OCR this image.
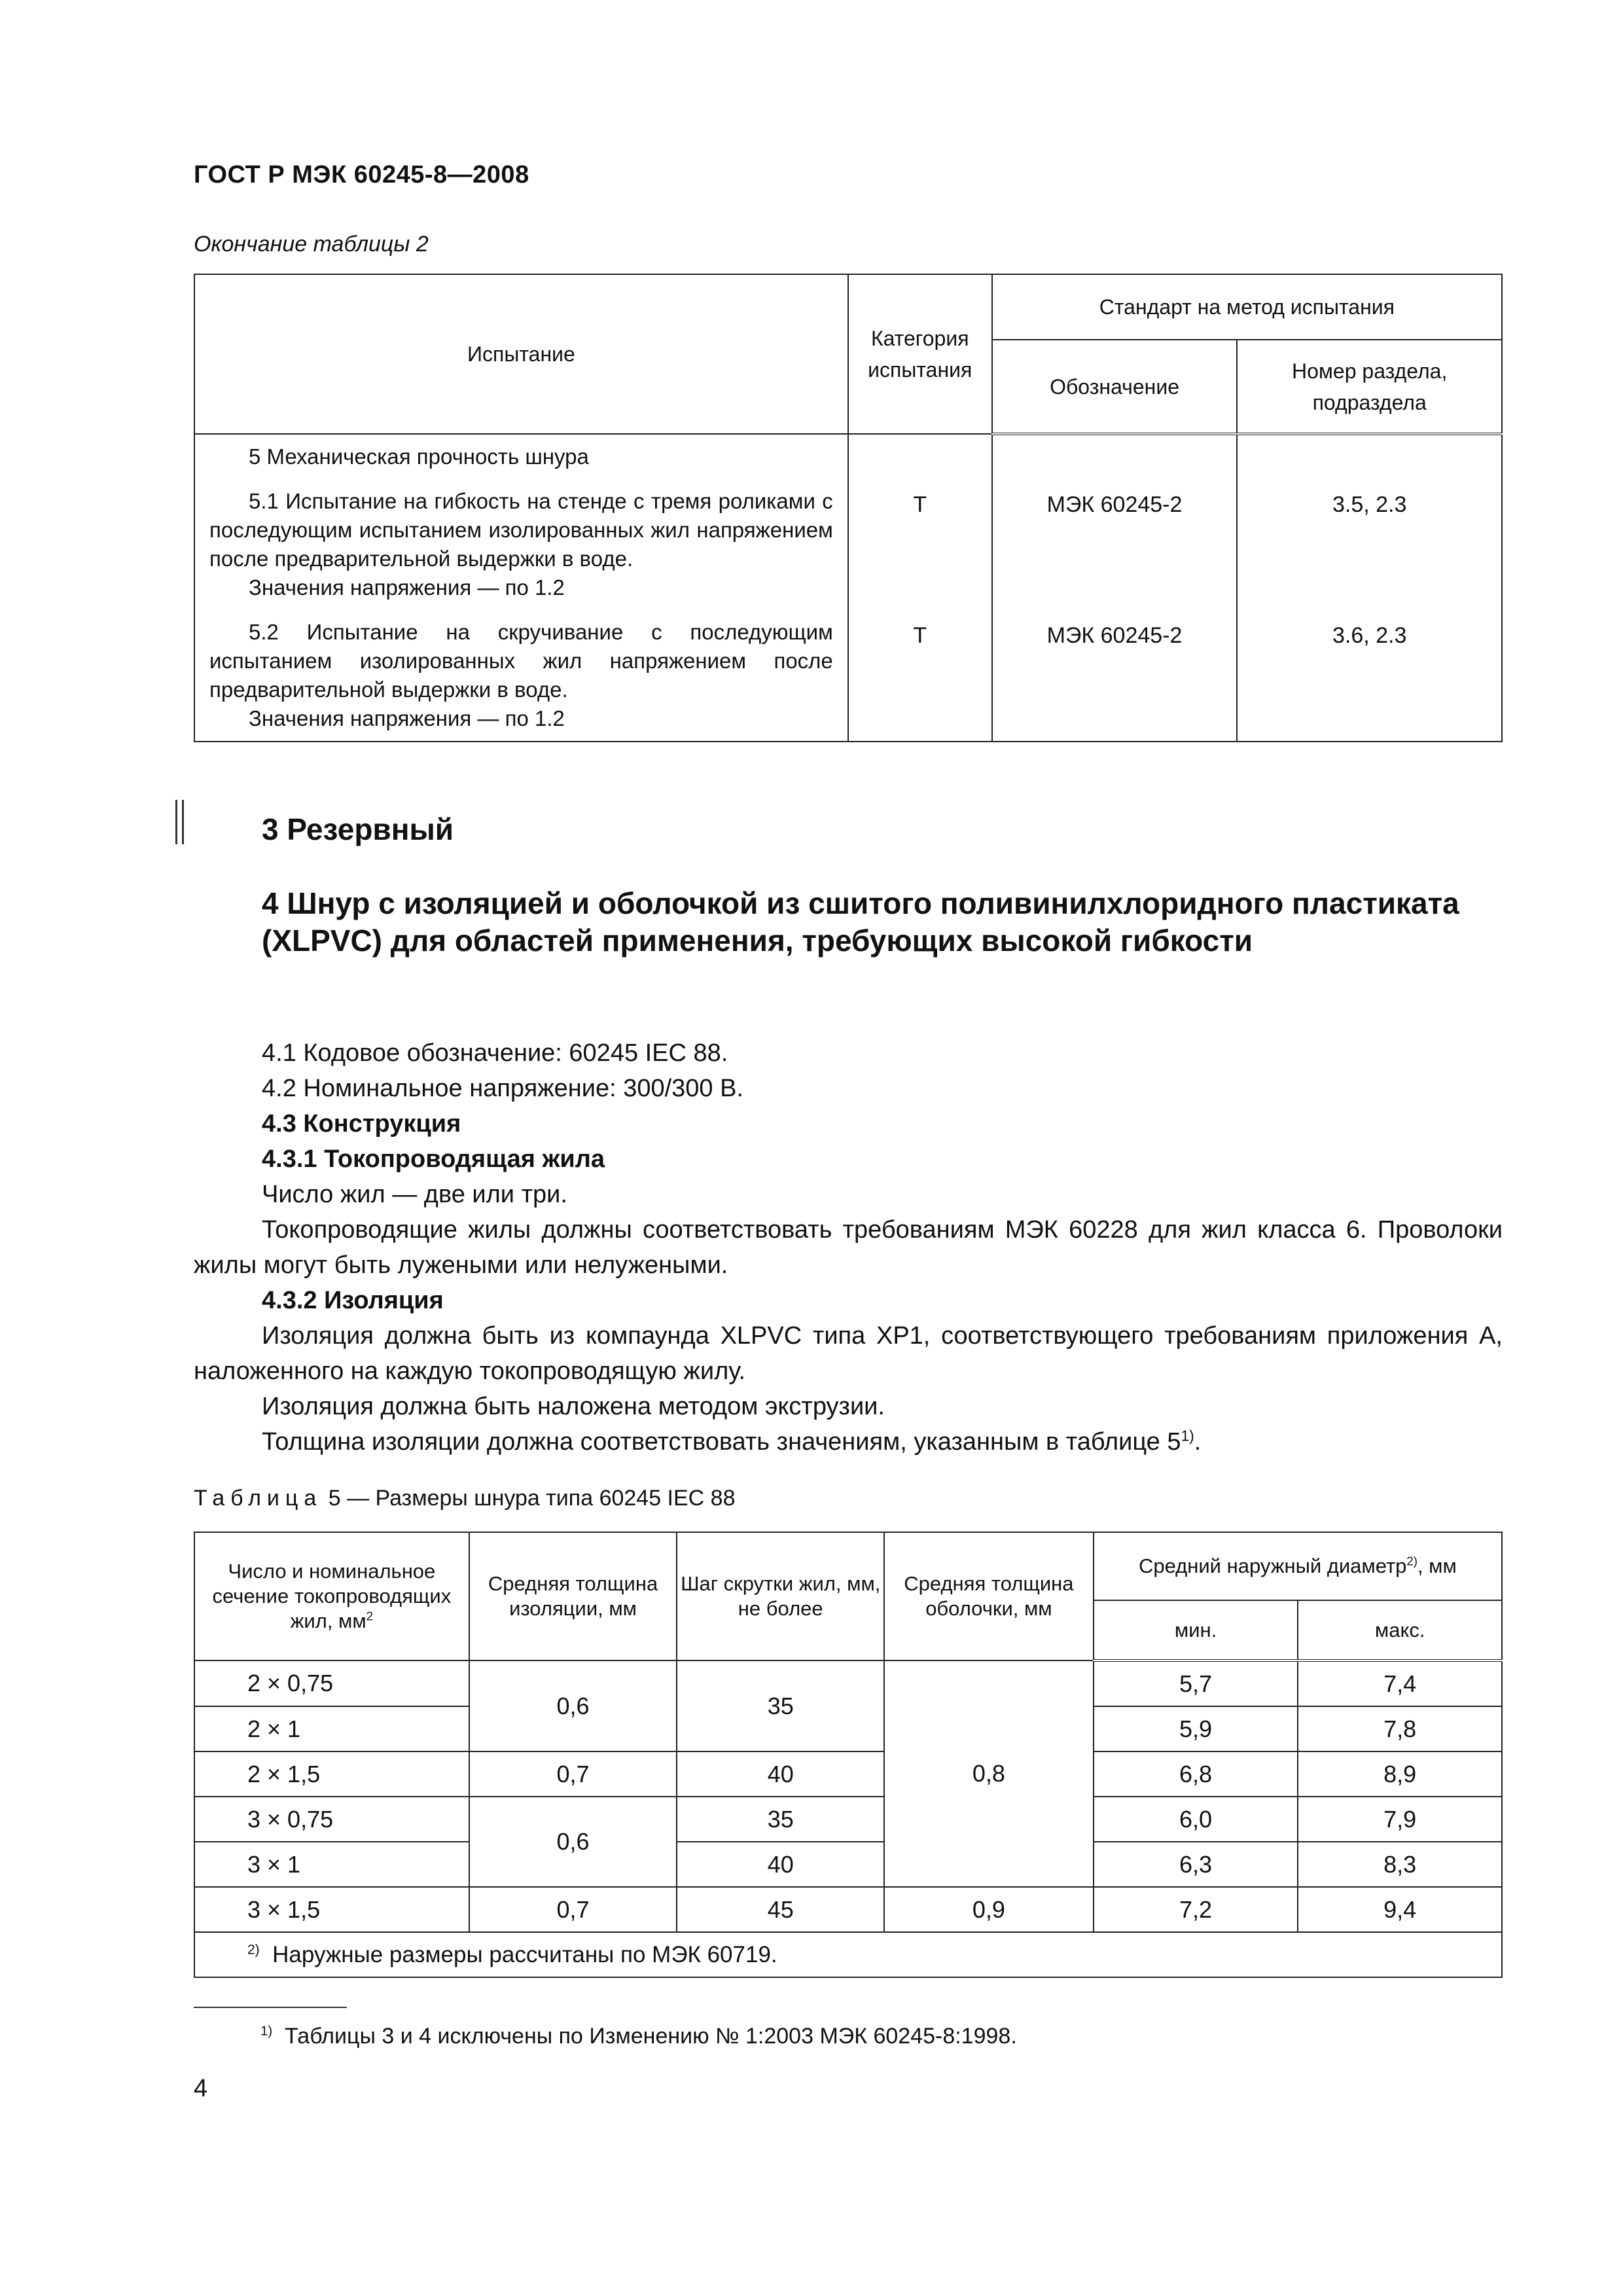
ГОСТ Р МЭК 60245-8—2008
Окончание таблицы 2
Испытание	Категория испытания	Стандарт на метод испытания	
		Обозначение	Номер раздела, подраздела

5 Механическая прочность шнура			

5.1 Испытание на гибкость на стенде с тремя роликами с последующим испытанием изолированных жил напряжением после предварительной выдержки в воде.
Значения напряжения — по 1.2	Т	МЭК 60245-2	3.5, 2.3

5.2 Испытание на скручивание с последующим испытанием изолированных жил напряжением после предварительной выдержки в воде.
Значения напряжения — по 1.2	Т	МЭК 60245-2	3.6, 2.3
3 Резервный
4 Шнур с изоляцией и оболочкой из сшитого поливинилхлоридного пластиката (XLPVC) для областей применения, требующих высокой гибкости

4.1 Кодовое обозначение: 60245 IEC 88.

4.2 Номинальное напряжение: 300/300 В.

4.3 Конструкция

4.3.1 Токопроводящая жила

Число жил — две или три.

Токопроводящие жилы должны соответствовать требованиям МЭК 60228 для жил класса 6. Проволоки жилы могут быть лужеными или нелужеными.

4.3.2 Изоляция

Изоляция должна быть из компаунда XLPVC типа XP1, соответствующего требованиям приложения А, наложенного на каждую токопроводящую жилу.

Изоляция должна быть наложена методом экструзии.

Толщина изоляции должна соответствовать значениям, указанным в таблице 5$^{1)}$.

Таблица 5 — Размеры шнура типа 60245 IEC 88
Число и номинальное сечение токопроводящих жил, $мм^2$	Средняя толщина изоляции, мм	Шаг скрутки жил, мм, не более	Средняя толщина оболочки, мм	Средний наружный диаметр$^{2)}$, мм	
				мин.	макс.
2 × 0,75	0,6	35	0,8	5,7	7,4
2 × 1				5,9	7,8
2 × 1,5	0,7	40		6,8	8,9
3 × 0,75	0,6	35		6,0	7,9
3 × 1		40		6,3	8,3
3 × 1,5	0,7	45	0,9	7,2	9,4
$^{2)}$ Наружные размеры рассчитаны по МЭК 60719.					
$^{1)}$ Таблицы 3 и 4 исключены по Изменению № 1:2003 МЭК 60245-8:1998.
4
